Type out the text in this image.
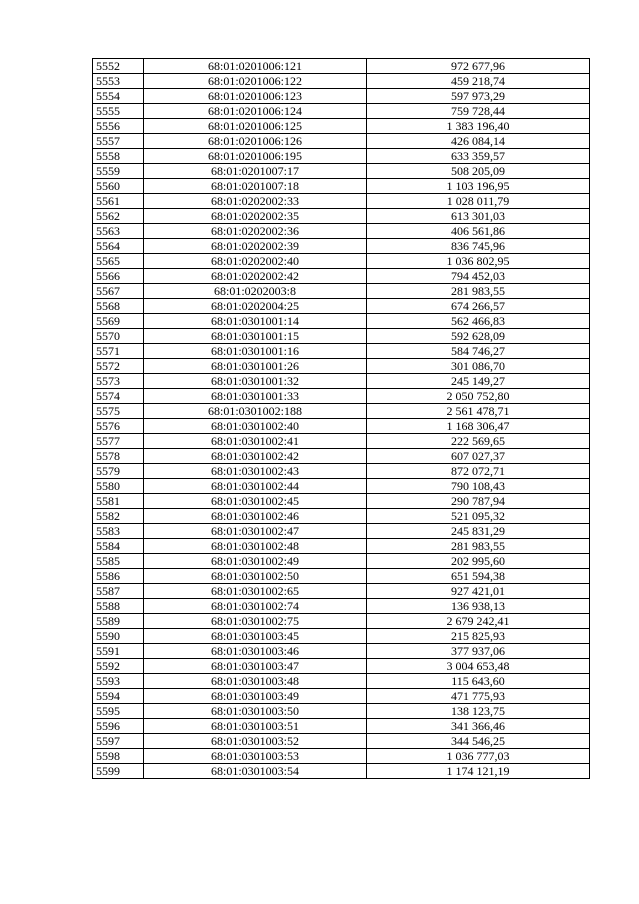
5552	68:01:0201006:121	972 677,96
5553	68:01:0201006:122	459 218,74
5554	68:01:0201006:123	597 973,29
5555	68:01:0201006:124	759 728,44
5556	68:01:0201006:125	1 383 196,40
5557	68:01:0201006:126	426 084,14
5558	68:01:0201006:195	633 359,57
5559	68:01:0201007:17	508 205,09
5560	68:01:0201007:18	1 103 196,95
5561	68:01:0202002:33	1 028 011,79
5562	68:01:0202002:35	613 301,03
5563	68:01:0202002:36	406 561,86
5564	68:01:0202002:39	836 745,96
5565	68:01:0202002:40	1 036 802,95
5566	68:01:0202002:42	794 452,03
5567	68:01:0202003:8	281 983,55
5568	68:01:0202004:25	674 266,57
5569	68:01:0301001:14	562 466,83
5570	68:01:0301001:15	592 628,09
5571	68:01:0301001:16	584 746,27
5572	68:01:0301001:26	301 086,70
5573	68:01:0301001:32	245 149,27
5574	68:01:0301001:33	2 050 752,80
5575	68:01:0301002:188	2 561 478,71
5576	68:01:0301002:40	1 168 306,47
5577	68:01:0301002:41	222 569,65
5578	68:01:0301002:42	607 027,37
5579	68:01:0301002:43	872 072,71
5580	68:01:0301002:44	790 108,43
5581	68:01:0301002:45	290 787,94
5582	68:01:0301002:46	521 095,32
5583	68:01:0301002:47	245 831,29
5584	68:01:0301002:48	281 983,55
5585	68:01:0301002:49	202 995,60
5586	68:01:0301002:50	651 594,38
5587	68:01:0301002:65	927 421,01
5588	68:01:0301002:74	136 938,13
5589	68:01:0301002:75	2 679 242,41
5590	68:01:0301003:45	215 825,93
5591	68:01:0301003:46	377 937,06
5592	68:01:0301003:47	3 004 653,48
5593	68:01:0301003:48	115 643,60
5594	68:01:0301003:49	471 775,93
5595	68:01:0301003:50	138 123,75
5596	68:01:0301003:51	341 366,46
5597	68:01:0301003:52	344 546,25
5598	68:01:0301003:53	1 036 777,03
5599	68:01:0301003:54	1 174 121,19
